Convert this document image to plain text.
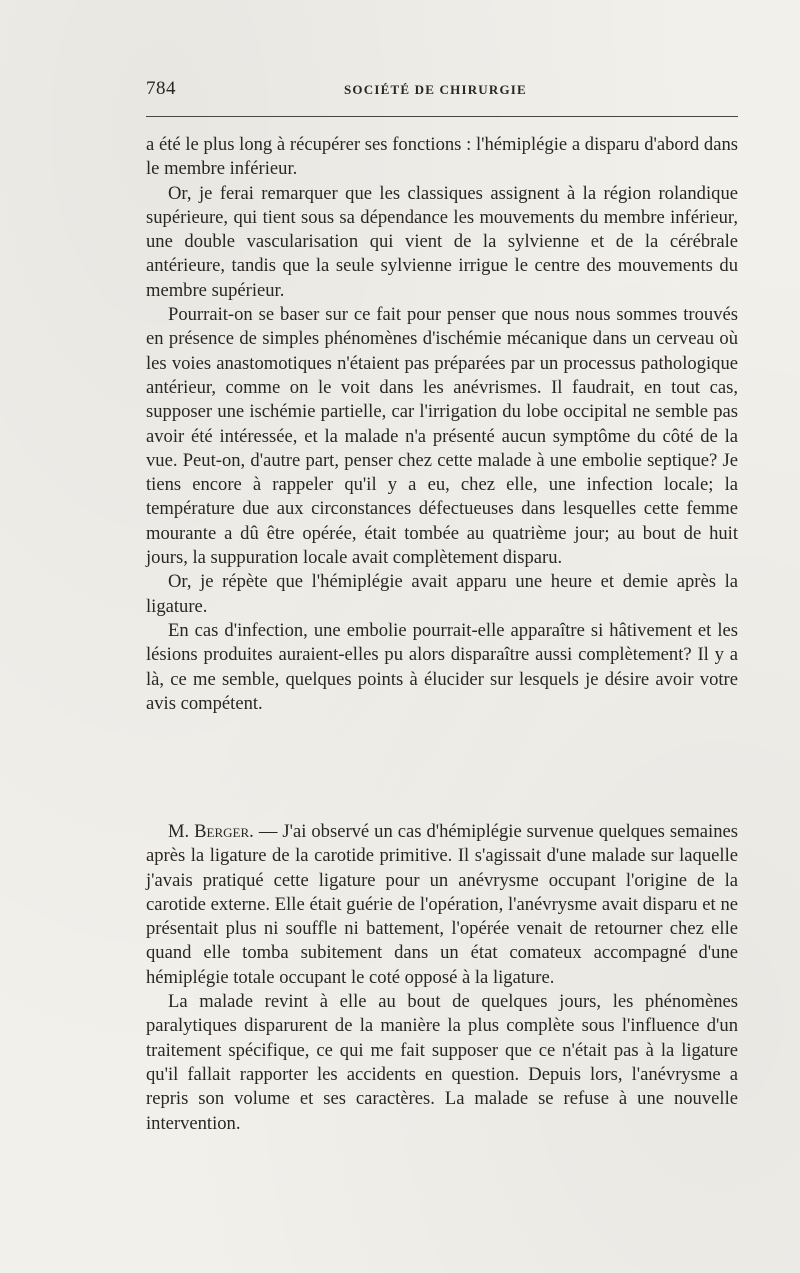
784	SOCIÉTÉ DE CHIRURGIE

a été le plus long à récupérer ses fonctions : l'hémiplégie a disparu d'abord dans le membre inférieur.

Or, je ferai remarquer que les classiques assignent à la région rolandique supérieure, qui tient sous sa dépendance les mouvements du membre inférieur, une double vascularisation qui vient de la sylvienne et de la cérébrale antérieure, tandis que la seule sylvienne irrigue le centre des mouvements du membre supérieur.

Pourrait-on se baser sur ce fait pour penser que nous nous sommes trouvés en présence de simples phénomènes d'ischémie mécanique dans un cerveau où les voies anastomotiques n'étaient pas préparées par un processus pathologique antérieur, comme on le voit dans les anévrismes. Il faudrait, en tout cas, supposer une ischémie partielle, car l'irrigation du lobe occipital ne semble pas avoir été intéressée, et la malade n'a présenté aucun symptôme du côté de la vue. Peut-on, d'autre part, penser chez cette malade à une embolie septique? Je tiens encore à rappeler qu'il y a eu, chez elle, une infection locale; la température due aux circonstances défectueuses dans lesquelles cette femme mourante a dû être opérée, était tombée au quatrième jour; au bout de huit jours, la suppuration locale avait complètement disparu.

Or, je répète que l'hémiplégie avait apparu une heure et demie après la ligature.

En cas d'infection, une embolie pourrait-elle apparaître si hâtivement et les lésions produites auraient-elles pu alors disparaître aussi complètement? Il y a là, ce me semble, quelques points à élucider sur lesquels je désire avoir votre avis compétent.

M. Berger. — J'ai observé un cas d'hémiplégie survenue quelques semaines après la ligature de la carotide primitive. Il s'agissait d'une malade sur laquelle j'avais pratiqué cette ligature pour un anévrysme occupant l'origine de la carotide externe. Elle était guérie de l'opération, l'anévrysme avait disparu et ne présentait plus ni souffle ni battement, l'opérée venait de retourner chez elle quand elle tomba subitement dans un état comateux accompagné d'une hémiplégie totale occupant le coté opposé à la ligature.

La malade revint à elle au bout de quelques jours, les phénomènes paralytiques disparurent de la manière la plus complète sous l'influence d'un traitement spécifique, ce qui me fait supposer que ce n'était pas à la ligature qu'il fallait rapporter les accidents en question. Depuis lors, l'anévrysme a repris son volume et ses caractères. La malade se refuse à une nouvelle intervention.
